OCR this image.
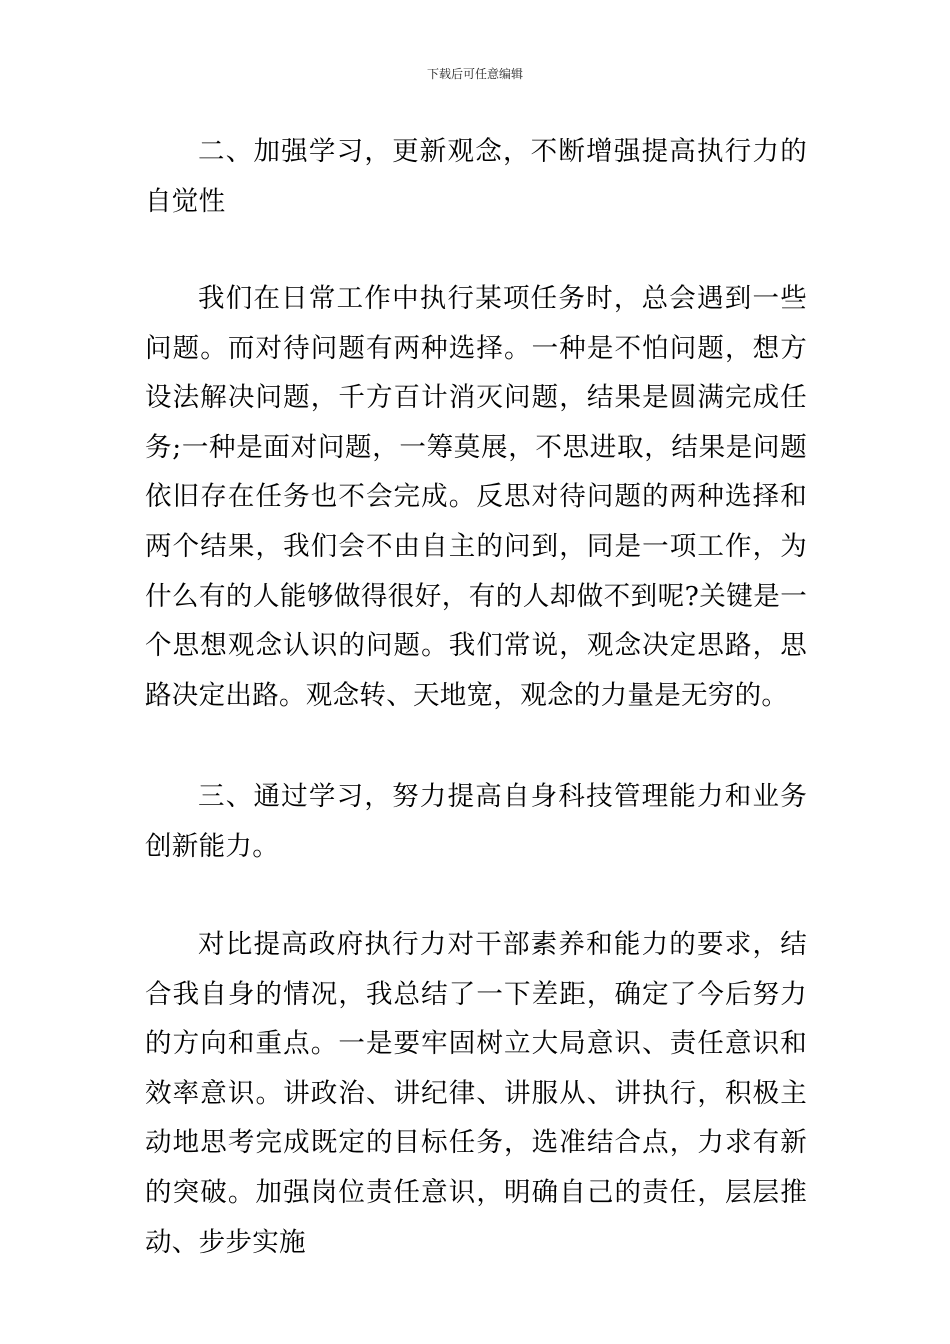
下载后可任意编辑

二、加强学习，更新观念，不断增强提高执行力的自觉性

我们在日常工作中执行某项任务时，总会遇到一些问题。而对待问题有两种选择。一种是不怕问题，想方设法解决问题，千方百计消灭问题，结果是圆满完成任务;一种是面对问题，一筹莫展，不思进取，结果是问题依旧存在任务也不会完成。反思对待问题的两种选择和两个结果，我们会不由自主的问到，同是一项工作，为什么有的人能够做得很好，有的人却做不到呢?关键是一个思想观念认识的问题。我们常说，观念决定思路，思路决定出路。观念转、天地宽，观念的力量是无穷的。

三、通过学习，努力提高自身科技管理能力和业务创新能力。

对比提高政府执行力对干部素养和能力的要求，结合我自身的情况，我总结了一下差距，确定了今后努力的方向和重点。一是要牢固树立大局意识、责任意识和效率意识。讲政治、讲纪律、讲服从、讲执行，积极主动地思考完成既定的目标任务，选准结合点，力求有新的突破。加强岗位责任意识，明确自己的责任，层层推动、步步实施
